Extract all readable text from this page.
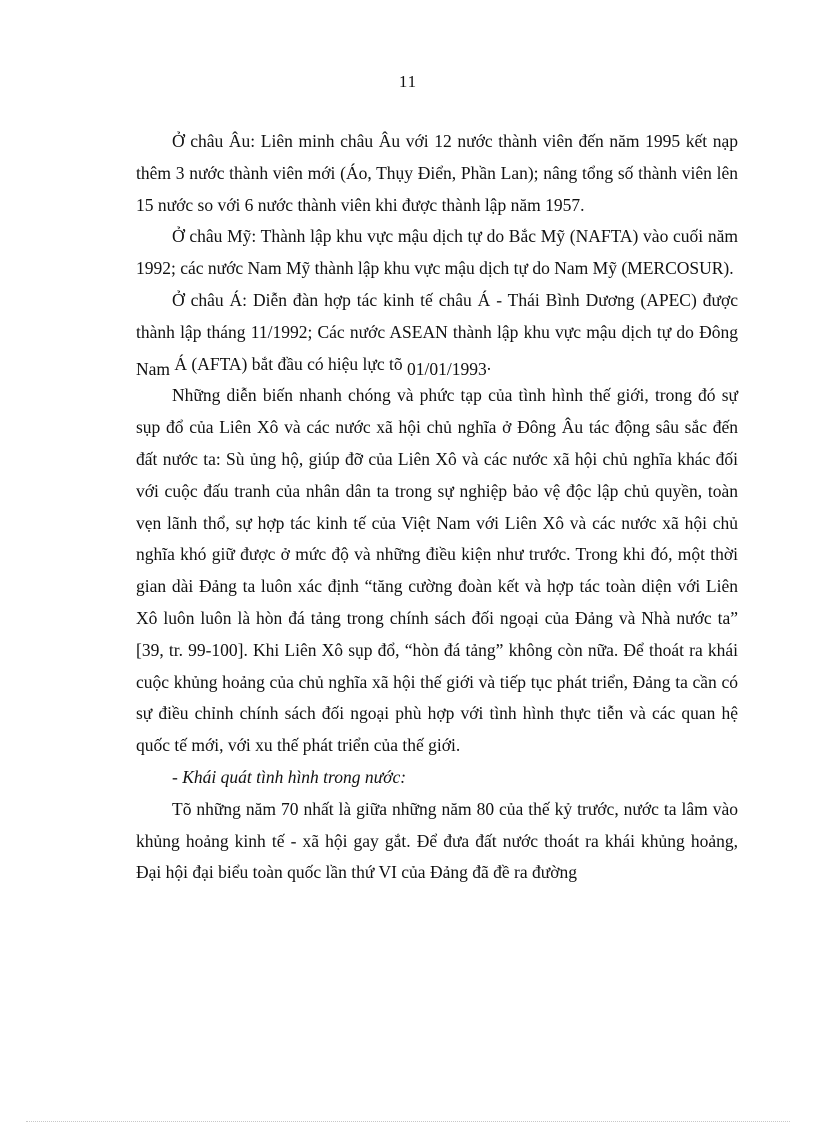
11

Ở châu Âu: Liên minh châu Âu với 12 nước thành viên đến năm 1995 kết nạp thêm 3 nước thành viên mới (Áo, Thụy Điển, Phần Lan); nâng tổng số thành viên lên 15 nước so với 6 nước thành viên khi được thành lập năm 1957.

Ở châu Mỹ: Thành lập khu vực mậu dịch tự do Bắc Mỹ (NAFTA) vào cuối năm 1992; các nước Nam Mỹ thành lập khu vực mậu dịch tự do Nam Mỹ (MERCOSUR).

Ở châu Á: Diễn đàn hợp tác kinh tế châu Á - Thái Bình Dương (APEC) được thành lập tháng 11/1992; Các nước ASEAN thành lập khu vực mậu dịch tự do Đông Nam Á (AFTA) bắt đầu có hiệu lực tõ 01/01/1993.

Những diễn biến nhanh chóng và phức tạp của tình hình thế giới, trong đó sự sụp đổ của Liên Xô và các nước xã hội chủ nghĩa ở Đông Âu tác động sâu sắc đến đất nước ta: Sù ủng hộ, giúp đỡ của Liên Xô và các nước xã hội chủ nghĩa khác đối với cuộc đấu tranh của nhân dân ta trong sự nghiệp bảo vệ độc lập chủ quyền, toàn vẹn lãnh thổ, sự hợp tác kinh tế của Việt Nam với Liên Xô và các nước xã hội chủ nghĩa khó giữ được ở mức độ và những điều kiện như trước. Trong khi đó, một thời gian dài Đảng ta luôn xác định “tăng cường đoàn kết và hợp tác toàn diện với Liên Xô luôn luôn là hòn đá tảng trong chính sách đối ngoại của Đảng và Nhà nước ta” [39, tr. 99-100]. Khi Liên Xô sụp đổ, “hòn đá tảng” không còn nữa. Để thoát ra khái cuộc khủng hoảng của chủ nghĩa xã hội thế giới và tiếp tục phát triển, Đảng ta cần có sự điều chỉnh chính sách đối ngoại phù hợp với tình hình thực tiễn và các quan hệ quốc tế mới, với xu thế phát triển của thế giới.

- Khái quát tình hình trong nước:

Tõ những năm 70 nhất là giữa những năm 80 của thế kỷ trước, nước ta lâm vào khủng hoảng kinh tế - xã hội gay gắt. Để đưa đất nước thoát ra khái khủng hoảng, Đại hội đại biểu toàn quốc lần thứ VI của Đảng đã đề ra đường
